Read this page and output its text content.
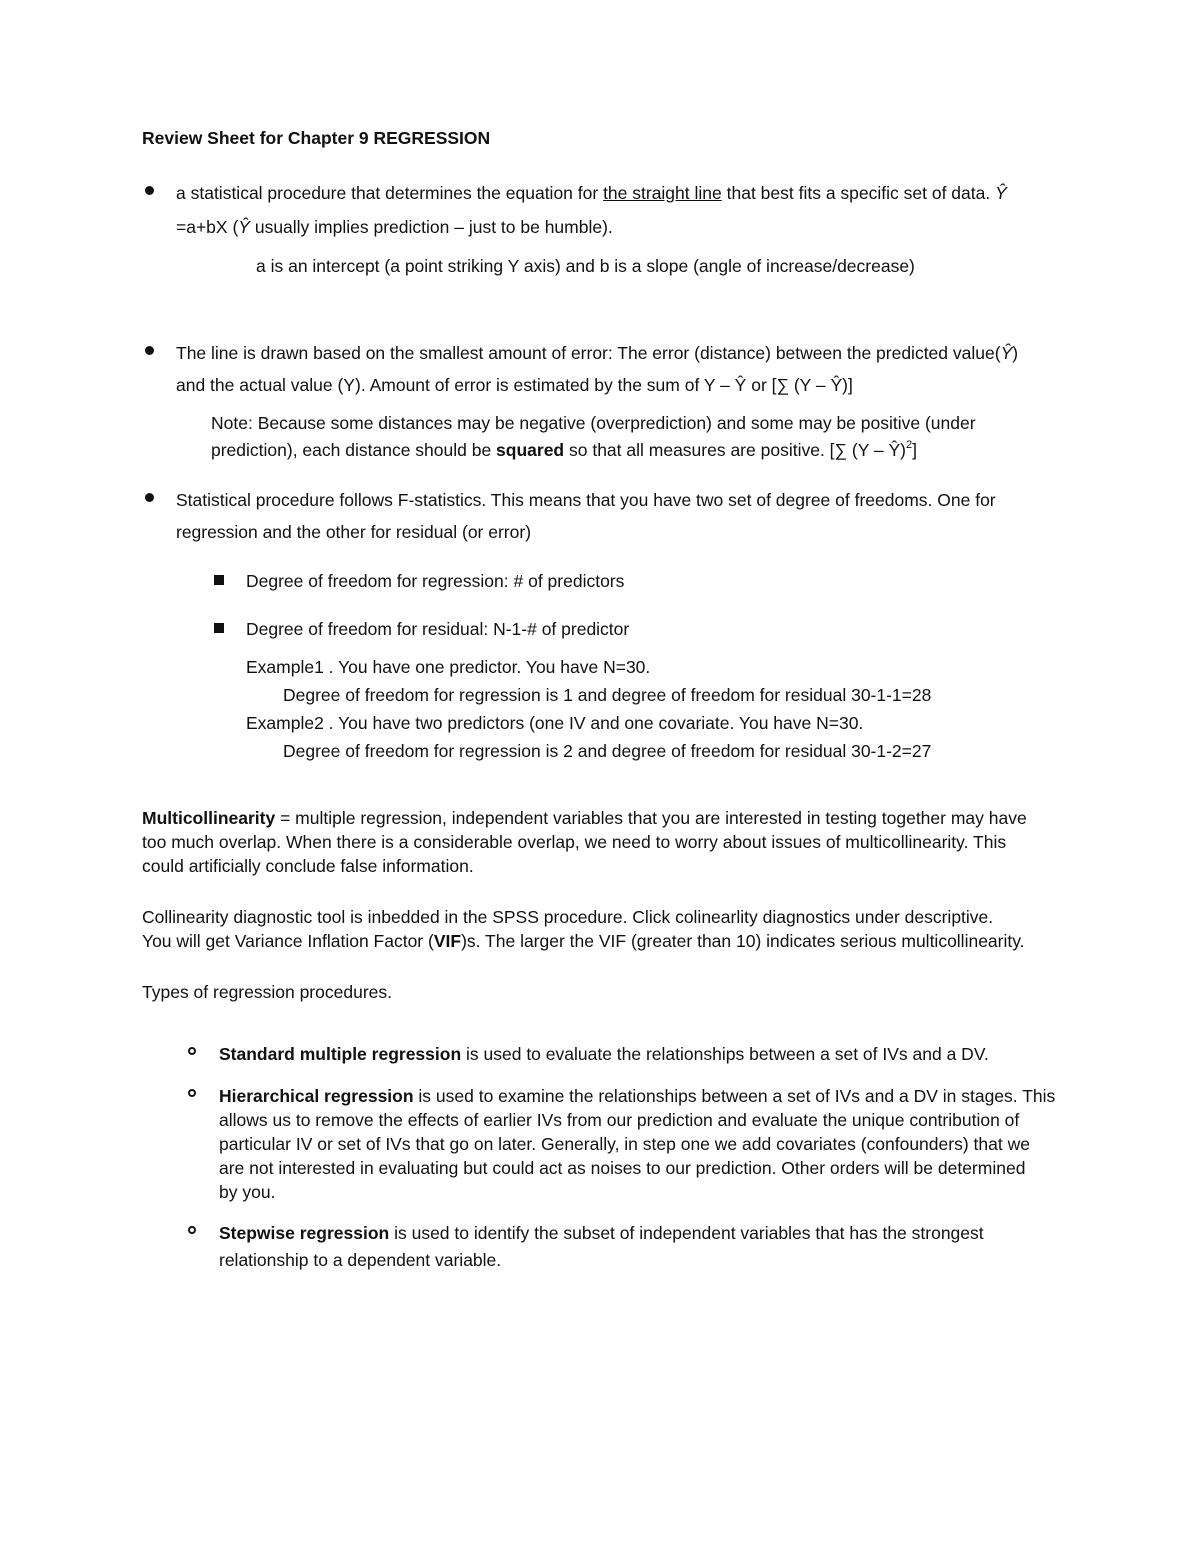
Review Sheet for Chapter 9 REGRESSION
a statistical procedure that determines the equation for the straight line that best fits a specific set of data. Ŷ
=a+bX (Ŷ usually implies prediction – just to be humble).
a is an intercept (a point striking Y axis) and b is a slope (angle of increase/decrease)
The line is drawn based on the smallest amount of error: The error (distance) between the predicted value(Ŷ)
and the actual value (Y). Amount of error is estimated by the sum of Y – Ŷ or [∑ (Y – Ŷ)]
Note: Because some distances may be negative (overprediction) and some may be positive (under
prediction), each distance should be squared so that all measures are positive. [∑ (Y – Ŷ)$^2$]
Statistical procedure follows F-statistics. This means that you have two set of degree of freedoms. One for
regression and the other for residual (or error)
Degree of freedom for regression: # of predictors
Degree of freedom for residual: N-1-# of predictor
Example1 . You have one predictor. You have N=30.
Degree of freedom for regression is 1 and degree of freedom for residual 30-1-1=28
Example2 . You have two predictors (one IV and one covariate. You have N=30.
Degree of freedom for regression is 2 and degree of freedom for residual 30-1-2=27
Multicollinearity = multiple regression, independent variables that you are interested in testing together may have
too much overlap. When there is a considerable overlap, we need to worry about issues of multicollinearity. This
could artificially conclude false information.
Collinearity diagnostic tool is inbedded in the SPSS procedure. Click colinearlity diagnostics under descriptive.
You will get Variance Inflation Factor (VIF)s. The larger the VIF (greater than 10) indicates serious multicollinearity.
Types of regression procedures.
Standard multiple regression is used to evaluate the relationships between a set of IVs and a DV.
Hierarchical regression is used to examine the relationships between a set of IVs and a DV in stages. This
allows us to remove the effects of earlier IVs from our prediction and evaluate the unique contribution of
particular IV or set of IVs that go on later. Generally, in step one we add covariates (confounders) that we
are not interested in evaluating but could act as noises to our prediction. Other orders will be determined
by you.
Stepwise regression is used to identify the subset of independent variables that has the strongest
relationship to a dependent variable.
